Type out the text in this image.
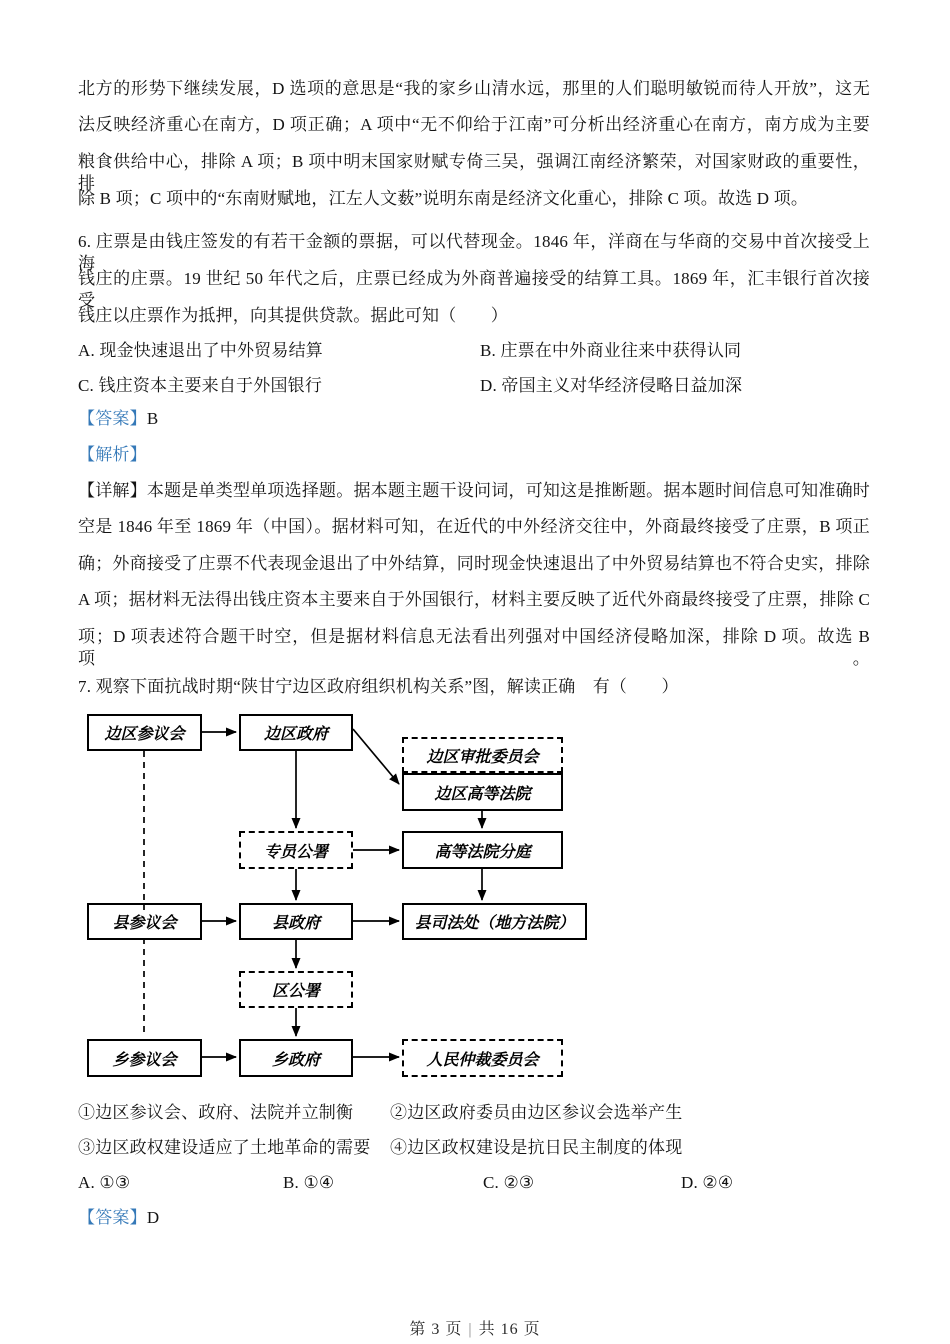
第 3 页 | 共 16 页
北方的形势下继续发展，D 选项的意思是“我的家乡山清水远，那里的人们聪明敏锐而待人开放”，这无
法反映经济重心在南方，D 项正确；A 项中“无不仰给于江南”可分析出经济重心在南方，南方成为主要
粮食供给中心，排除 A 项；B 项中明末国家财赋专倚三吴，强调江南经济繁荣，对国家财政的重要性，排
除 B 项；C 项中的“东南财赋地，江左人文薮”说明东南是经济文化重心，排除 C 项。故选 D 项。
6. 庄票是由钱庄签发的有若干金额的票据，可以代替现金。1846 年，洋商在与华商的交易中首次接受上海
钱庄的庄票。19 世纪 50 年代之后，庄票已经成为外商普遍接受的结算工具。1869 年，汇丰银行首次接受
钱庄以庄票作为抵押，向其提供贷款。据此可知（　　）
A. 现金快速退出了中外贸易结算	B. 庄票在中外商业往来中获得认同
C. 钱庄资本主要来自于外国银行	D. 帝国主义对华经济侵略日益加深
【答案】B
【解析】
【详解】本题是单类型单项选择题。据本题主题干设问词，可知这是推断题。据本题时间信息可知准确时
空是 1846 年至 1869 年（中国）。据材料可知，在近代的中外经济交往中，外商最终接受了庄票，B 项正
确；外商接受了庄票不代表现金退出了中外结算，同时现金快速退出了中外贸易结算也不符合史实，排除
A 项；据材料无法得出钱庄资本主要来自于外国银行，材料主要反映了近代外商最终接受了庄票，排除 C
项；D 项表述符合题干时空，但是据材料信息无法看出列强对中国经济侵略加深，排除 D 项。故选 B 项。
7. 观察下面抗战时期“陕甘宁边区政府组织机构关系”图，解读正确　有（　　）
①边区参议会、政府、法院并立制衡 ②边区政府委员由边区参议会选举产生
③边区政权建设适应了土地革命的需要 ④边区政权建设是抗日民主制度的体现
A. ①③	B. ①④	C. ②③	D. ②④
【答案】D
边区参议会	边区政府
边区审批委员会
边区高等法院
专员公署	高等法院分庭
县参议会	县政府	县司法处（地方法院）
区公署
乡参议会	乡政府	人民仲裁委员会
